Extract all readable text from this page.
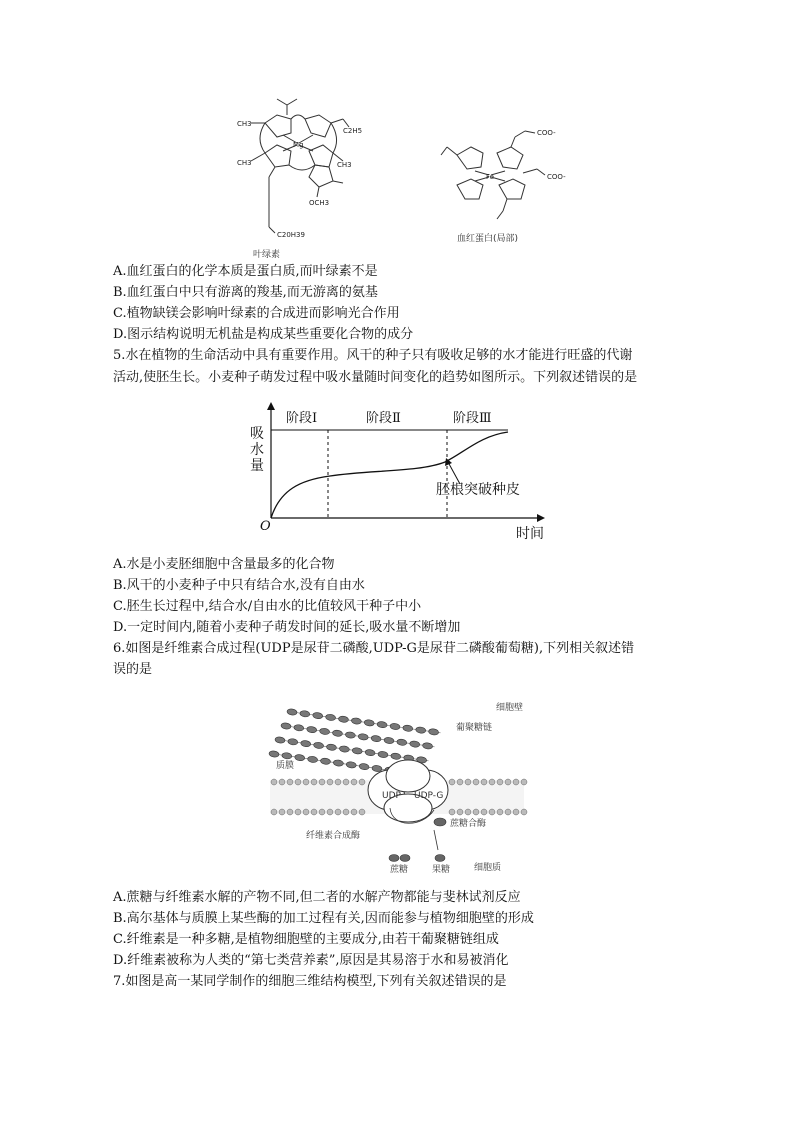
Mg
CH3
C2H5
CH3	CH3
OCH3
C20H39
叶绿素
Fe
COO-
COO-
血红蛋白(局部)
A.血红蛋白的化学本质是蛋白质,而叶绿素不是
B.血红蛋白中只有游离的羧基,而无游离的氨基
C.植物缺镁会影响叶绿素的合成进而影响光合作用
D.图示结构说明无机盐是构成某些重要化合物的成分
5.水在植物的生命活动中具有重要作用。风干的种子只有吸收足够的水才能进行旺盛的代谢
活动,使胚生长。小麦种子萌发过程中吸水量随时间变化的趋势如图所示。下列叙述错误的是
阶段Ⅰ	阶段Ⅱ	阶段Ⅲ
胚根突破种皮
O	时间
吸水量
A.水是小麦胚细胞中含量最多的化合物
B.风干的小麦种子中只有结合水,没有自由水
C.胚生长过程中,结合水/自由水的比值较风干种子中小
D.一定时间内,随着小麦种子萌发时间的延长,吸水量不断增加
6.如图是纤维素合成过程(UDP是尿苷二磷酸,UDP-G是尿苷二磷酸葡萄糖),下列相关叙述错
误的是
细胞壁
葡聚糖链
质膜
UDP UDP-G
纤维素合成酶
蔗糖合酶
蔗糖	果糖	细胞质
A.蔗糖与纤维素水解的产物不同,但二者的水解产物都能与斐林试剂反应
B.高尔基体与质膜上某些酶的加工过程有关,因而能参与植物细胞壁的形成
C.纤维素是一种多糖,是植物细胞壁的主要成分,由若干葡聚糖链组成
D.纤维素被称为人类的“第七类营养素”,原因是其易溶于水和易被消化
7.如图是高一某同学制作的细胞三维结构模型,下列有关叙述错误的是
